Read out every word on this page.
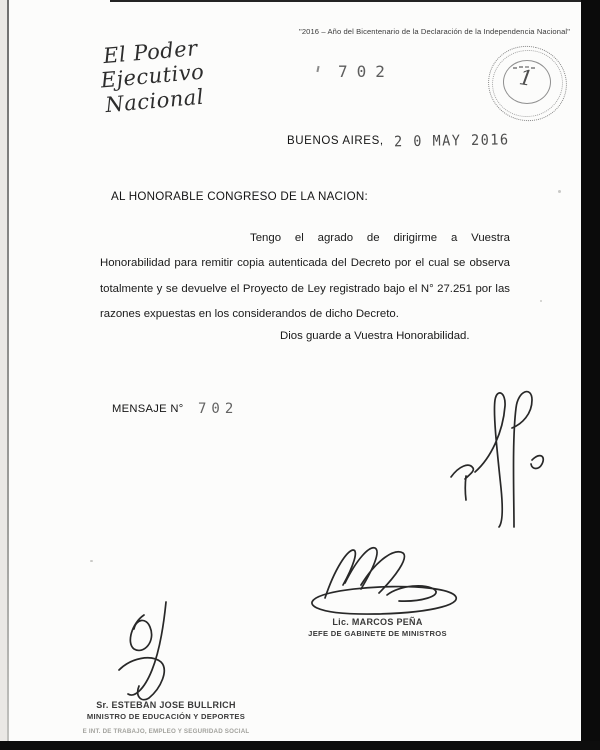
"2016 – Año del Bicentenario de la Declaración de la Independencia Nacional"
El Poder Ejecutivo
Nacional
702	1
BUENOS AIRES, 2 0 MAY 2016
AL HONORABLE CONGRESO DE LA NACION:
Tengo el agrado de dirigirme a Vuestra
Honorabilidad para remitir copia autenticada del Decreto por el cual se observa
totalmente y se devuelve el Proyecto de Ley registrado bajo el N° 27.251 por las
razones expuestas en los considerandos de dicho Decreto.
Dios guarde a Vuestra Honorabilidad.
MENSAJE N° 702
Lic. MARCOS PEÑA
JEFE DE GABINETE DE MINISTROS
Sr. ESTEBAN JOSE BULLRICH
MINISTRO DE EDUCACIÓN Y DEPORTES
E INT. DE TRABAJO, EMPLEO Y SEGURIDAD SOCIAL
